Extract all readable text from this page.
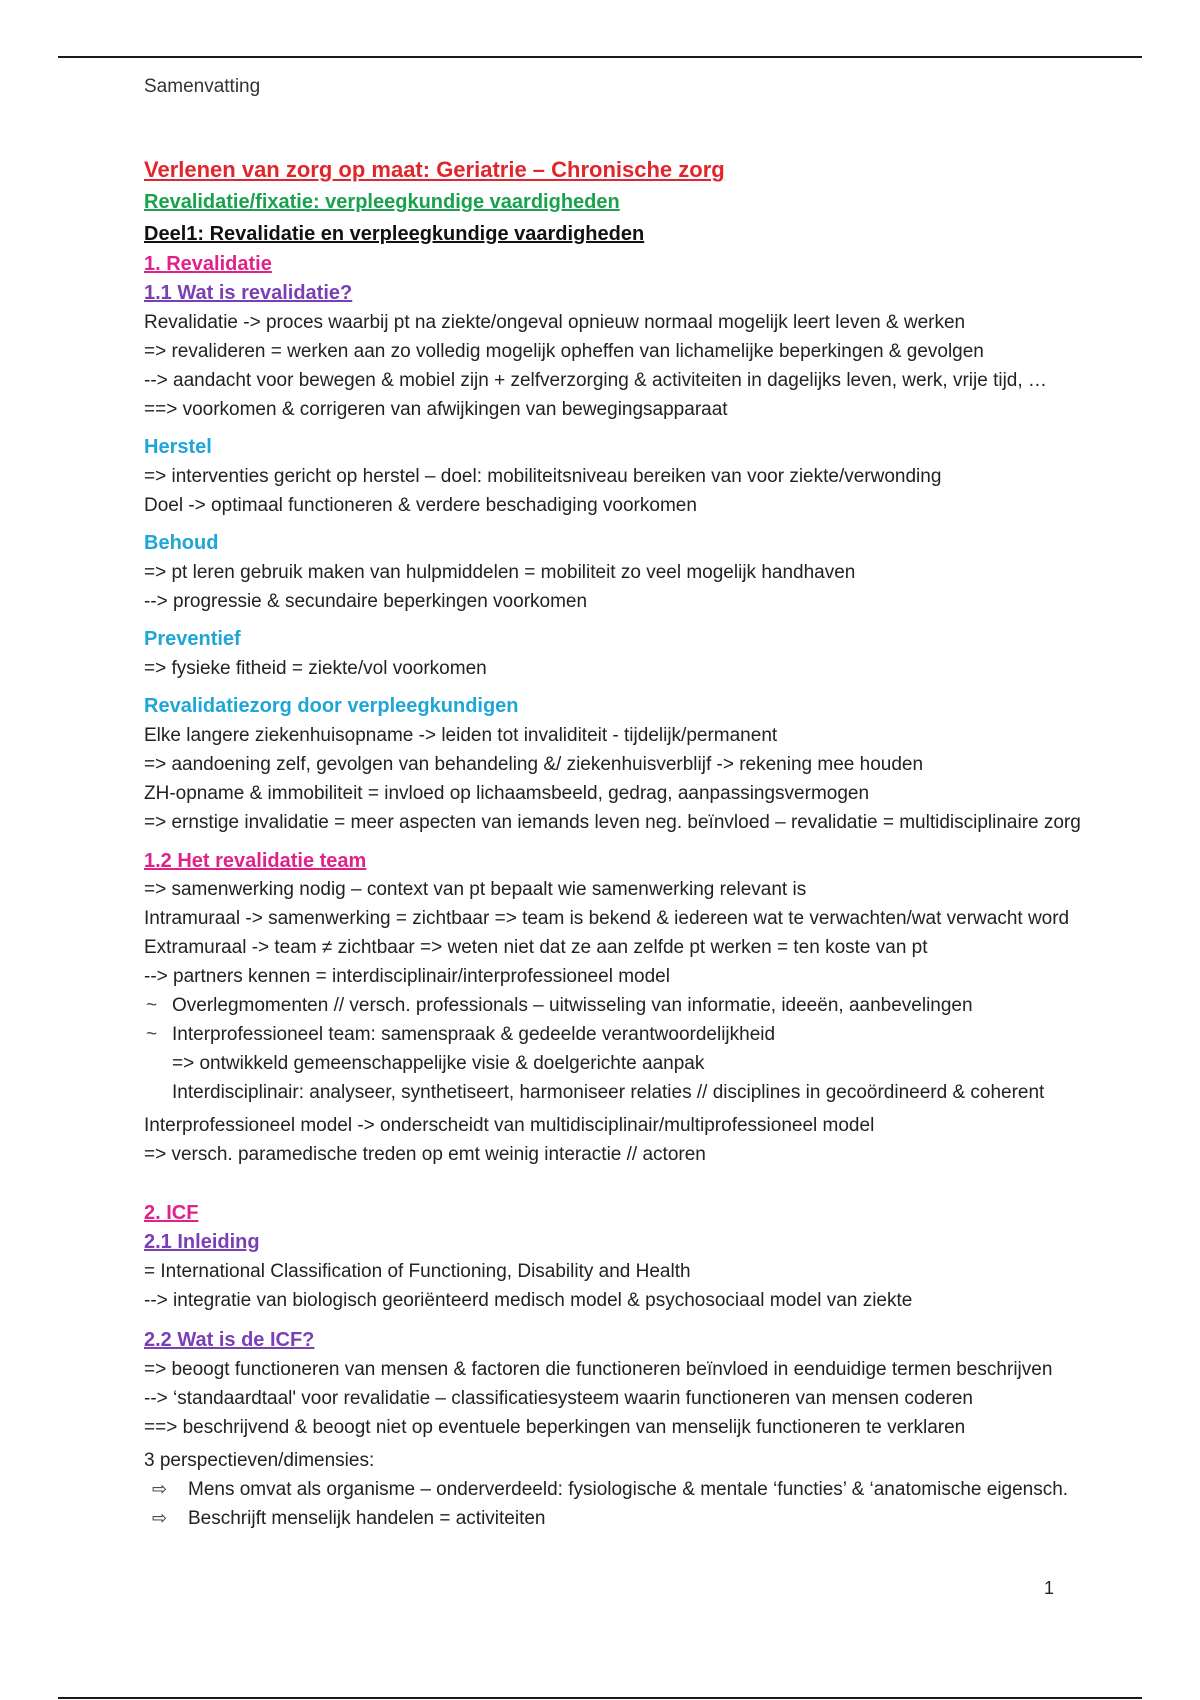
Samenvatting
Verlenen van zorg op maat: Geriatrie – Chronische zorg
Revalidatie/fixatie: verpleegkundige vaardigheden
Deel1: Revalidatie en verpleegkundige vaardigheden
1. Revalidatie
1.1 Wat is revalidatie?
Revalidatie -> proces waarbij pt na ziekte/ongeval opnieuw normaal mogelijk leert leven & werken
=> revalideren = werken aan zo volledig mogelijk opheffen van lichamelijke beperkingen & gevolgen
--> aandacht voor bewegen & mobiel zijn + zelfverzorging & activiteiten in dagelijks leven, werk, vrije tijd, …
==> voorkomen & corrigeren van afwijkingen van bewegingsapparaat
Herstel
=> interventies gericht op herstel – doel: mobiliteitsniveau bereiken van voor ziekte/verwonding
Doel -> optimaal functioneren & verdere beschadiging voorkomen
Behoud
=> pt leren gebruik maken van hulpmiddelen = mobiliteit zo veel mogelijk handhaven
--> progressie & secundaire beperkingen voorkomen
Preventief
=> fysieke fitheid = ziekte/vol voorkomen
Revalidatiezorg door verpleegkundigen
Elke langere ziekenhuisopname -> leiden tot invaliditeit - tijdelijk/permanent
=> aandoening zelf, gevolgen van behandeling &/ ziekenhuisverblijf -> rekening mee houden
ZH-opname & immobiliteit = invloed op lichaamsbeeld, gedrag, aanpassingsvermogen
=> ernstige invalidatie = meer aspecten van iemands leven neg. beïnvloed – revalidatie = multidisciplinaire zorg
1.2 Het revalidatie team
=> samenwerking nodig – context van pt bepaalt wie samenwerking relevant is
Intramuraal -> samenwerking = zichtbaar => team is bekend & iedereen wat te verwachten/wat verwacht word
Extramuraal -> team ≠ zichtbaar => weten niet dat ze aan zelfde pt werken = ten koste van pt
--> partners kennen = interdisciplinair/interprofessioneel model
~ Overlegmomenten // versch. professionals – uitwisseling van informatie, ideeën, aanbevelingen
~ Interprofessioneel team: samenspraak & gedeelde verantwoordelijkheid
=> ontwikkeld gemeenschappelijke visie & doelgerichte aanpak
Interdisciplinair: analyseer, synthetiseert, harmoniseer relaties // disciplines in gecoördineerd & coherent
Interprofessioneel model -> onderscheidt van multidisciplinair/multiprofessioneel model
=> versch. paramedische treden op emt weinig interactie // actoren
2. ICF
2.1 Inleiding
= International Classification of Functioning, Disability and Health
--> integratie van biologisch georiënteerd medisch model & psychosociaal model van ziekte
2.2 Wat is de ICF?
=> beoogt functioneren van mensen & factoren die functioneren beïnvloed in eenduidige termen beschrijven
--> ‘standaardtaal' voor revalidatie – classificatiesysteem waarin functioneren van mensen coderen
==> beschrijvend & beoogt niet op eventuele beperkingen van menselijk functioneren te verklaren
3 perspectieven/dimensies:
⇨ Mens omvat als organisme – onderverdeeld: fysiologische & mentale ‘functies’ & ‘anatomische eigensch.
⇨ Beschrijft menselijk handelen = activiteiten
1
